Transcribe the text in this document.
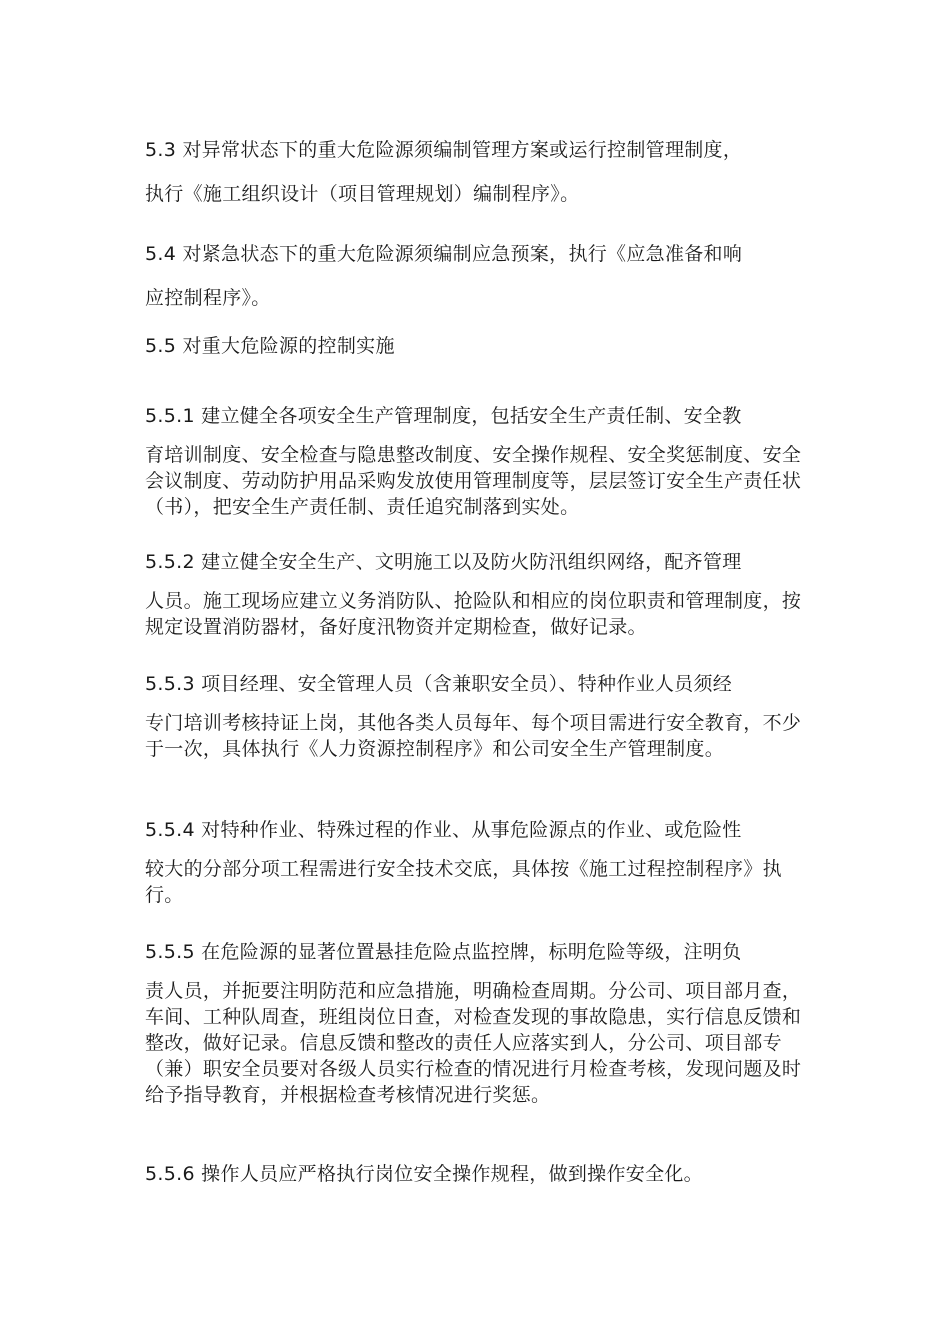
5.3 对异常状态下的重大危险源须编制管理方案或运行控制管理制度，
执行《施工组织设计（项目管理规划）编制程序》。
5.4 对紧急状态下的重大危险源须编制应急预案，执行《应急准备和响
应控制程序》。
5.5 对重大危险源的控制实施
5.5.1 建立健全各项安全生产管理制度，包括安全生产责任制、安全教
育培训制度、安全检查与隐患整改制度、安全操作规程、安全奖惩制度、安全会议制度、劳动防护用品采购发放使用管理制度等，层层签订安全生产责任状（书），把安全生产责任制、责任追究制落到实处。
5.5.2 建立健全安全生产、文明施工以及防火防汛组织网络，配齐管理
人员。施工现场应建立义务消防队、抢险队和相应的岗位职责和管理制度，按规定设置消防器材，备好度汛物资并定期检查，做好记录。
5.5.3 项目经理、安全管理人员（含兼职安全员）、特种作业人员须经
专门培训考核持证上岗，其他各类人员每年、每个项目需进行安全教育，不少于一次，具体执行《人力资源控制程序》和公司安全生产管理制度。
5.5.4 对特种作业、特殊过程的作业、从事危险源点的作业、或危险性
较大的分部分项工程需进行安全技术交底，具体按《施工过程控制程序》执行。
5.5.5 在危险源的显著位置悬挂危险点监控牌，标明危险等级，注明负
责人员，并扼要注明防范和应急措施，明确检查周期。分公司、项目部月查，车间、工种队周查，班组岗位日查，对检查发现的事故隐患，实行信息反馈和整改，做好记录。信息反馈和整改的责任人应落实到人，分公司、项目部专（兼）职安全员要对各级人员实行检查的情况进行月检查考核，发现问题及时给予指导教育，并根据检查考核情况进行奖惩。
5.5.6 操作人员应严格执行岗位安全操作规程，做到操作安全化。
